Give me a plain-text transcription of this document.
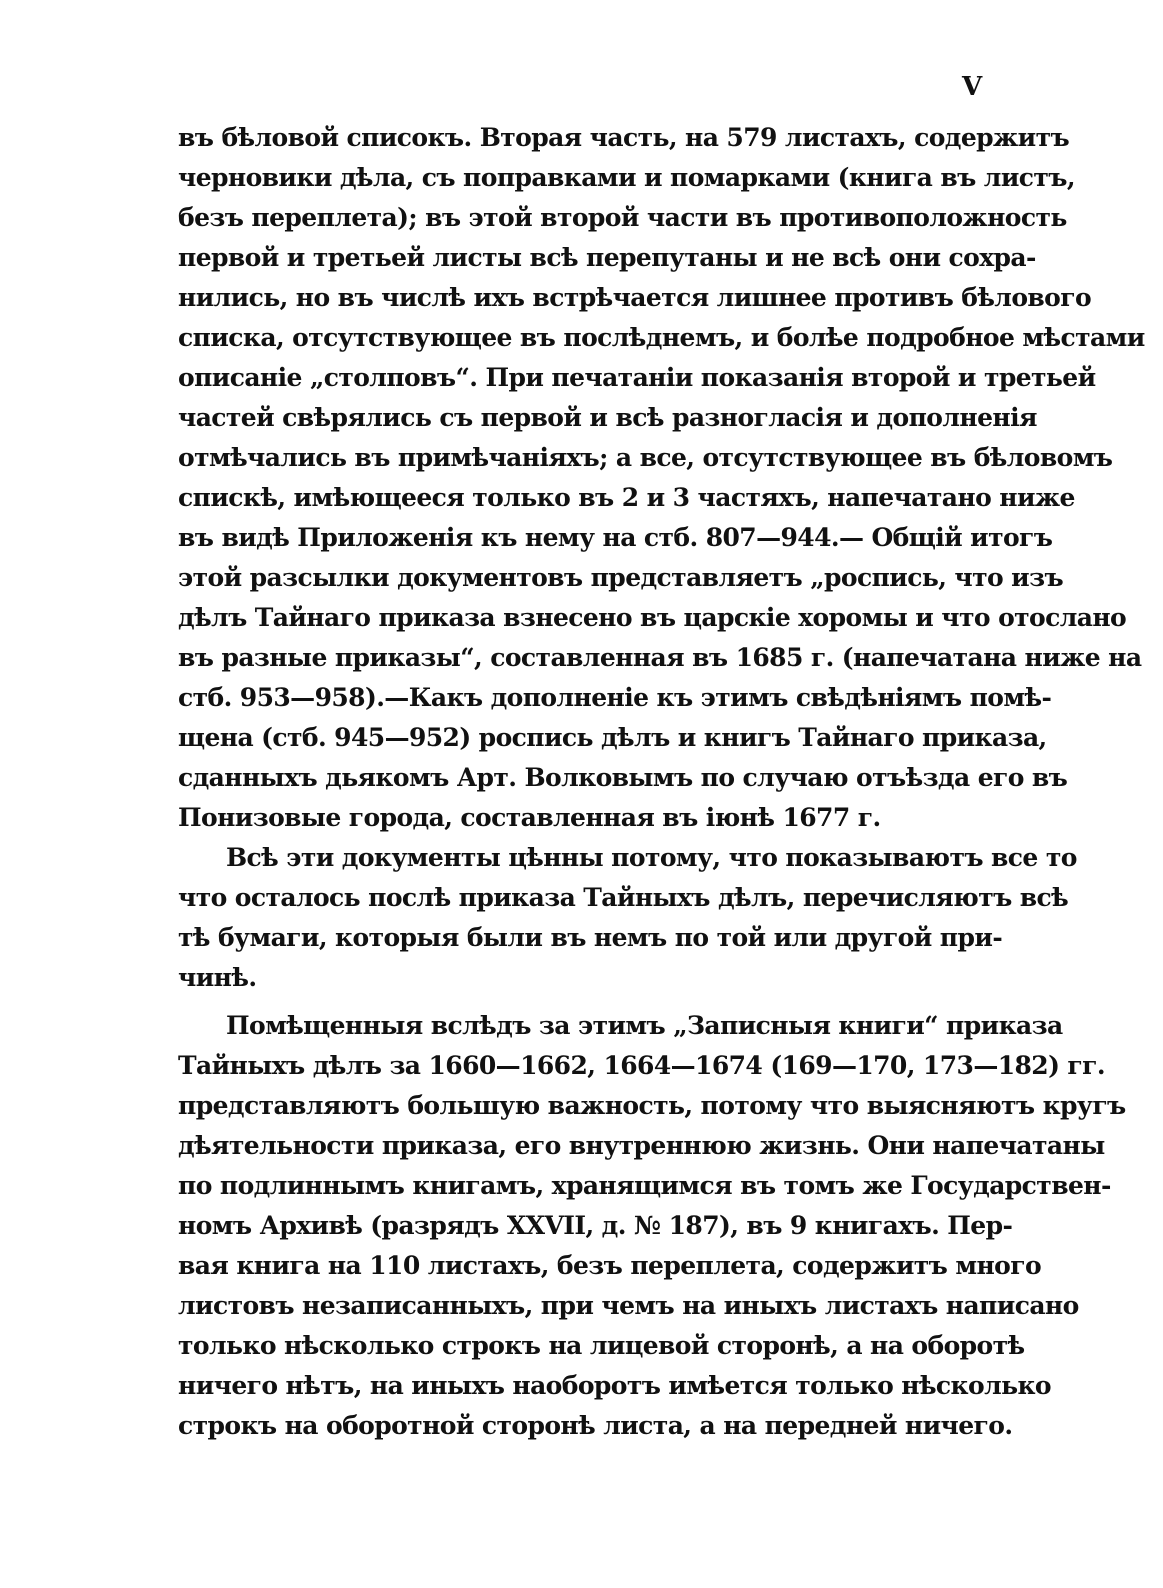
V
въ бѣловой списокъ. Вторая часть, на 579 листахъ, содержитъ
черновики дѣла, съ поправками и помарками (книга въ листъ,
безъ переплета); въ этой второй части въ противоположность
первой и третьей листы всѣ перепутаны и не всѣ они сохра-
нились, но въ числѣ ихъ встрѣчается лишнее противъ бѣлового
списка, отсутствующее въ послѣднемъ, и болѣе подробное мѣстами
описаніе „столповъ“. При печатаніи показанія второй и третьей
частей свѣрялись съ первой и всѣ разногласія и дополненія
отмѣчались въ примѣчаніяхъ; а все, отсутствующее въ бѣловомъ
спискѣ, имѣющееся только въ 2 и 3 частяхъ, напечатано ниже
въ видѣ Приложенія къ нему на стб. 807—944.— Общій итогъ
этой разсылки документовъ представляетъ „роспись, что изъ
дѣлъ Тайнаго приказа взнесено въ царскіе хоромы и что отослано
въ разные приказы“, составленная въ 1685 г. (напечатана ниже на
стб. 953—958).—Какъ дополненіе къ этимъ свѣдѣніямъ помѣ-
щена (стб. 945—952) роспись дѣлъ и книгъ Тайнаго приказа,
сданныхъ дьякомъ Арт. Волковымъ по случаю отъѣзда его въ
Понизовые города, составленная въ іюнѣ 1677 г.
Всѣ эти документы цѣнны потому, что показываютъ все то
что осталось послѣ приказа Тайныхъ дѣлъ, перечисляютъ всѣ
тѣ бумаги, которыя были въ немъ по той или другой при-
чинѣ.
Помѣщенныя вслѣдъ за этимъ „Записныя книги“ приказа
Тайныхъ дѣлъ за 1660—1662, 1664—1674 (169—170, 173—182) гг.
представляютъ большую важность, потому что выясняютъ кругъ
дѣятельности приказа, его внутреннюю жизнь. Они напечатаны
по подлиннымъ книгамъ, хранящимся въ томъ же Государствен-
номъ Архивѣ (разрядъ XXVII, д. № 187), въ 9 книгахъ. Пер-
вая книга на 110 листахъ, безъ переплета, содержитъ много
листовъ незаписанныхъ, при чемъ на иныхъ листахъ написано
только нѣсколько строкъ на лицевой сторонѣ, а на оборотѣ
ничего нѣтъ, на иныхъ наоборотъ имѣется только нѣсколько
строкъ на оборотной сторонѣ листа, а на передней ничего.
